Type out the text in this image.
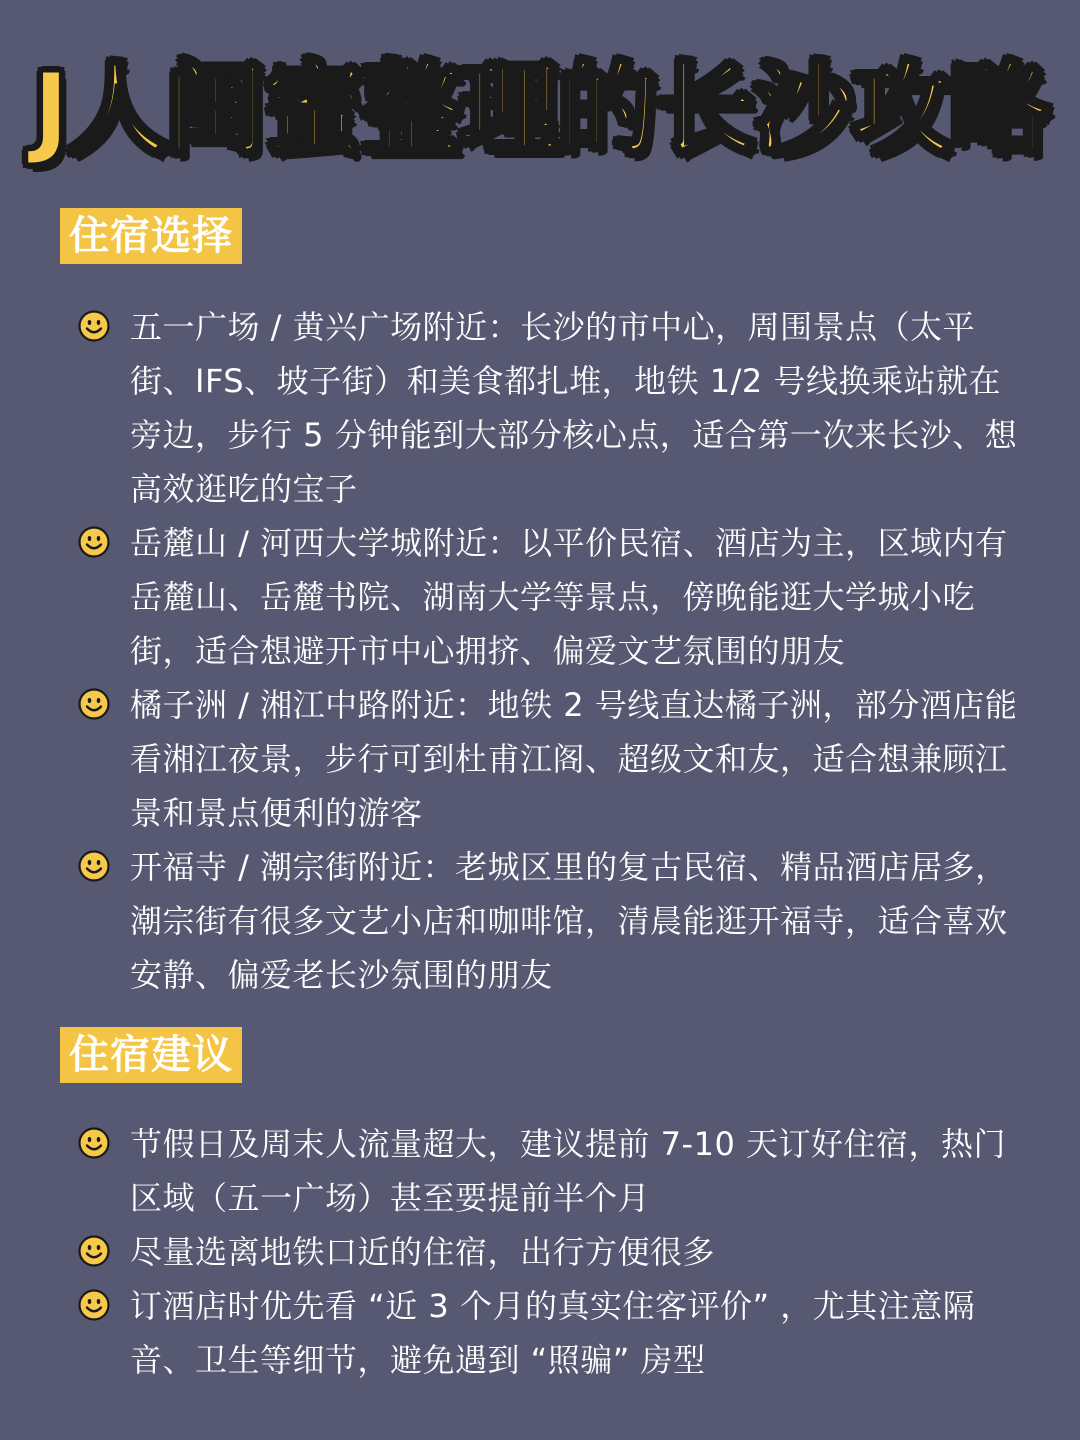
J人闺蜜整理的长沙攻略
住宿选择
五一广场 / 黄兴广场附近：长沙的市中心，周围景点（太平街、IFS、坡子街）和美食都扎堆，地铁 1/2 号线换乘站就在旁边，步行 5 分钟能到大部分核心点，适合第一次来长沙、想高效逛吃的宝子
岳麓山 / 河西大学城附近：以平价民宿、酒店为主，区域内有岳麓山、岳麓书院、湖南大学等景点，傍晚能逛大学城小吃街，适合想避开市中心拥挤、偏爱文艺氛围的朋友
橘子洲 / 湘江中路附近：地铁 2 号线直达橘子洲，部分酒店能看湘江夜景，步行可到杜甫江阁、超级文和友，适合想兼顾江景和景点便利的游客
开福寺 / 潮宗街附近：老城区里的复古民宿、精品酒店居多，潮宗街有很多文艺小店和咖啡馆，清晨能逛开福寺，适合喜欢安静、偏爱老长沙氛围的朋友
住宿建议
节假日及周末人流量超大，建议提前 7-10 天订好住宿，热门区域（五一广场）甚至要提前半个月
尽量选离地铁口近的住宿，出行方便很多
订酒店时优先看 “近 3 个月的真实住客评价” ，尤其注意隔音、卫生等细节，避免遇到 “照骗” 房型
